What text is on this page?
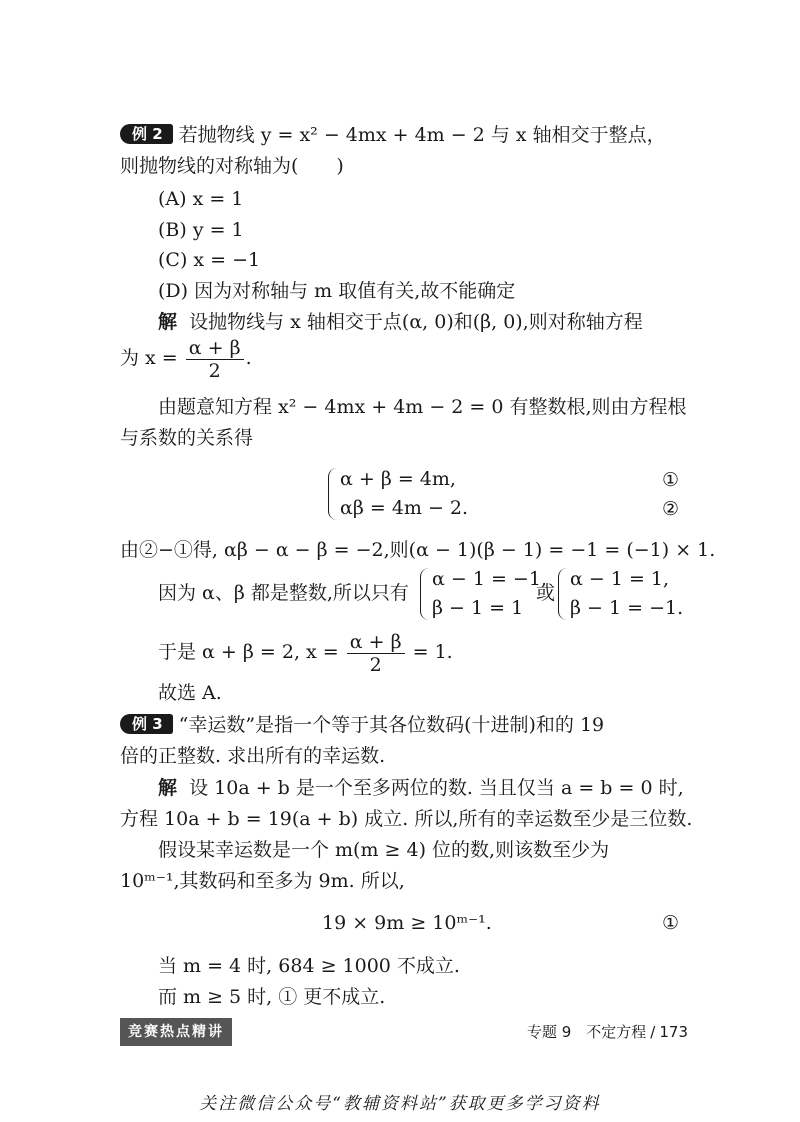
例 2 若抛物线 y = x² − 4mx + 4m − 2 与 x 轴相交于整点，
则抛物线的对称轴为(　　)
(A) x = 1
(B) y = 1
(C) x = −1
(D) 因为对称轴与 m 取值有关,故不能确定
解 设抛物线与 x 轴相交于点(α, 0)和(β, 0),则对称轴方程
为 $x = \frac{\alpha + \beta}{2}$ .
由题意知方程 x² − 4mx + 4m − 2 = 0 有整数根,则由方程根
与系数的关系得
α + β = 4m,
αβ = 4m − 2.
①
②
由②−①得, αβ − α − β = −2,则(α − 1)(β − 1) = −1 = (−1) × 1.
因为 α、β 都是整数,所以只有
α − 1 = −1,
β − 1 = 1
或
α − 1 = 1,
β − 1 = −1.
于是 α + β = 2, $x = \frac{\alpha + \beta}{2} = 1$.
故选 A.
例 3 “幸运数”是指一个等于其各位数码(十进制)和的 19
倍的正整数. 求出所有的幸运数.
解 设 10a + b 是一个至多两位的数. 当且仅当 a = b = 0 时,
方程 10a + b = 19(a + b) 成立. 所以,所有的幸运数至少是三位数.
假设某幸运数是一个 m(m ≥ 4) 位的数,则该数至少为
10ᵐ⁻¹,其数码和至多为 9m. 所以,
19 × 9m ≥ 10ᵐ⁻¹.	①
当 m = 4 时, 684 ≥ 1000 不成立.
而 m ≥ 5 时, ① 更不成立.
竞赛热点精讲	专题 9　不定方程 / 173
关注微信公众号“教辅资料站”获取更多学习资料
